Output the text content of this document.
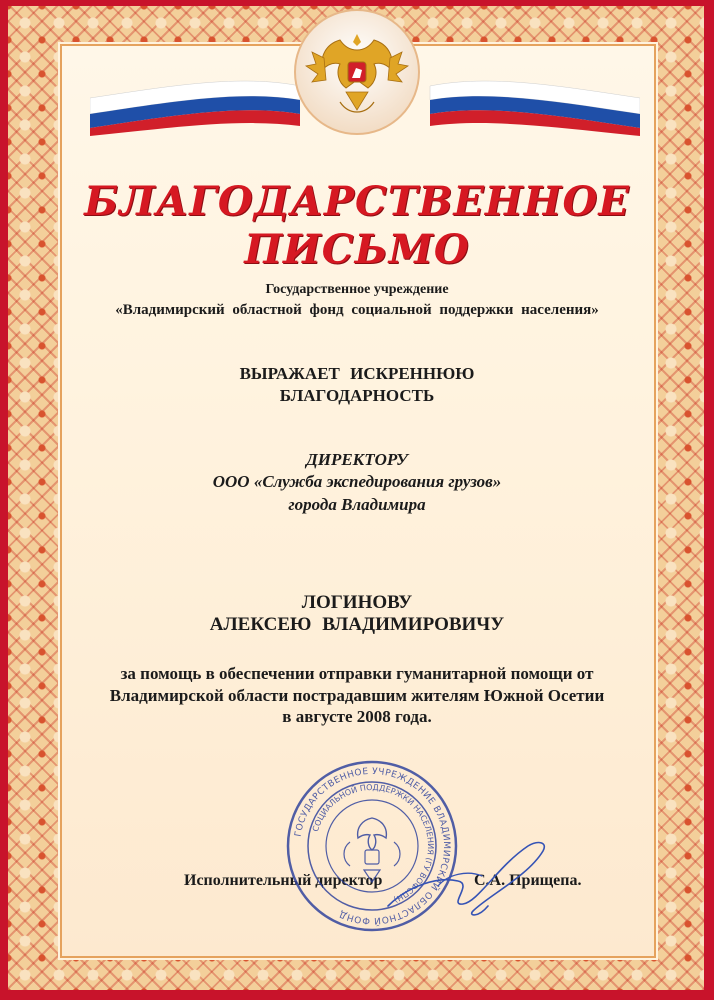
БЛАГОДАРСТВЕННОЕ
ПИСЬМО
Государственное учреждение
«Владимирский областной фонд социальной поддержки населения»
ВЫРАЖАЕТ ИСКРЕННЮЮ
БЛАГОДАРНОСТЬ
ДИРЕКТОРУ
ООО «Служба экспедирования грузов»
города Владимира
ЛОГИНОВУ
АЛЕКСЕЮ ВЛАДИМИРОВИЧУ
за помощь в обеспечении отправки гуманитарной помощи от
Владимирской области пострадавшим жителям Южной Осетии
в августе 2008 года.
Исполнительный директор	С.А. Прищепа.
ГОСУДАРСТВЕННОЕ УЧРЕЖДЕНИЕ ВЛАДИМИРСКИЙ ОБЛАСТНОЙ ФОНД
СОЦИАЛЬНОЙ ПОДДЕРЖКИ НАСЕЛЕНИЯ (ГУ ВОФСПН)
